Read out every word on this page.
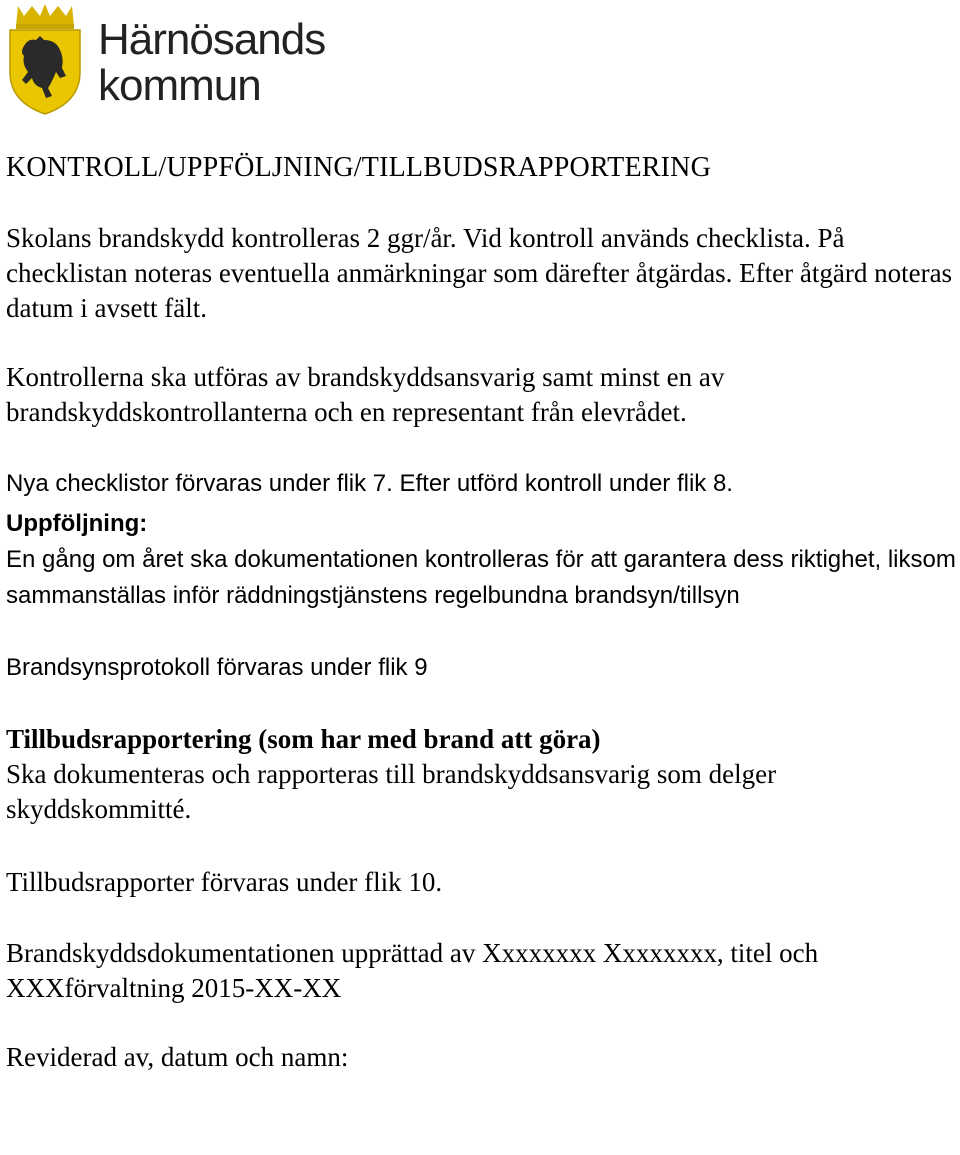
Härnösands
kommun
KONTROLL/UPPFÖLJNING/TILLBUDSRAPPORTERING

Skolans brandskydd kontrolleras 2 ggr/år. Vid kontroll används checklista. På checklistan noteras eventuella anmärkningar som därefter åtgärdas. Efter åtgärd noteras datum i avsett fält.

Kontrollerna ska utföras av brandskyddsansvarig samt minst en av brandskyddskontrollanterna och en representant från elevrådet.

Nya checklistor förvaras under flik 7. Efter utförd kontroll under flik 8.

Uppföljning:

En gång om året ska dokumentationen kontrolleras för att garantera dess riktighet, liksom sammanställas inför räddningstjänstens regelbundna brandsyn/tillsyn

Brandsynsprotokoll förvaras under flik 9

Tillbudsrapportering (som har med brand att göra)

Ska dokumenteras och rapporteras till brandskyddsansvarig som delger skyddskommitté.

Tillbudsrapporter förvaras under flik 10.

Brandskyddsdokumentationen upprättad av Xxxxxxxx Xxxxxxxx, titel och XXXförvaltning 2015-XX-XX

Reviderad av, datum och namn:
